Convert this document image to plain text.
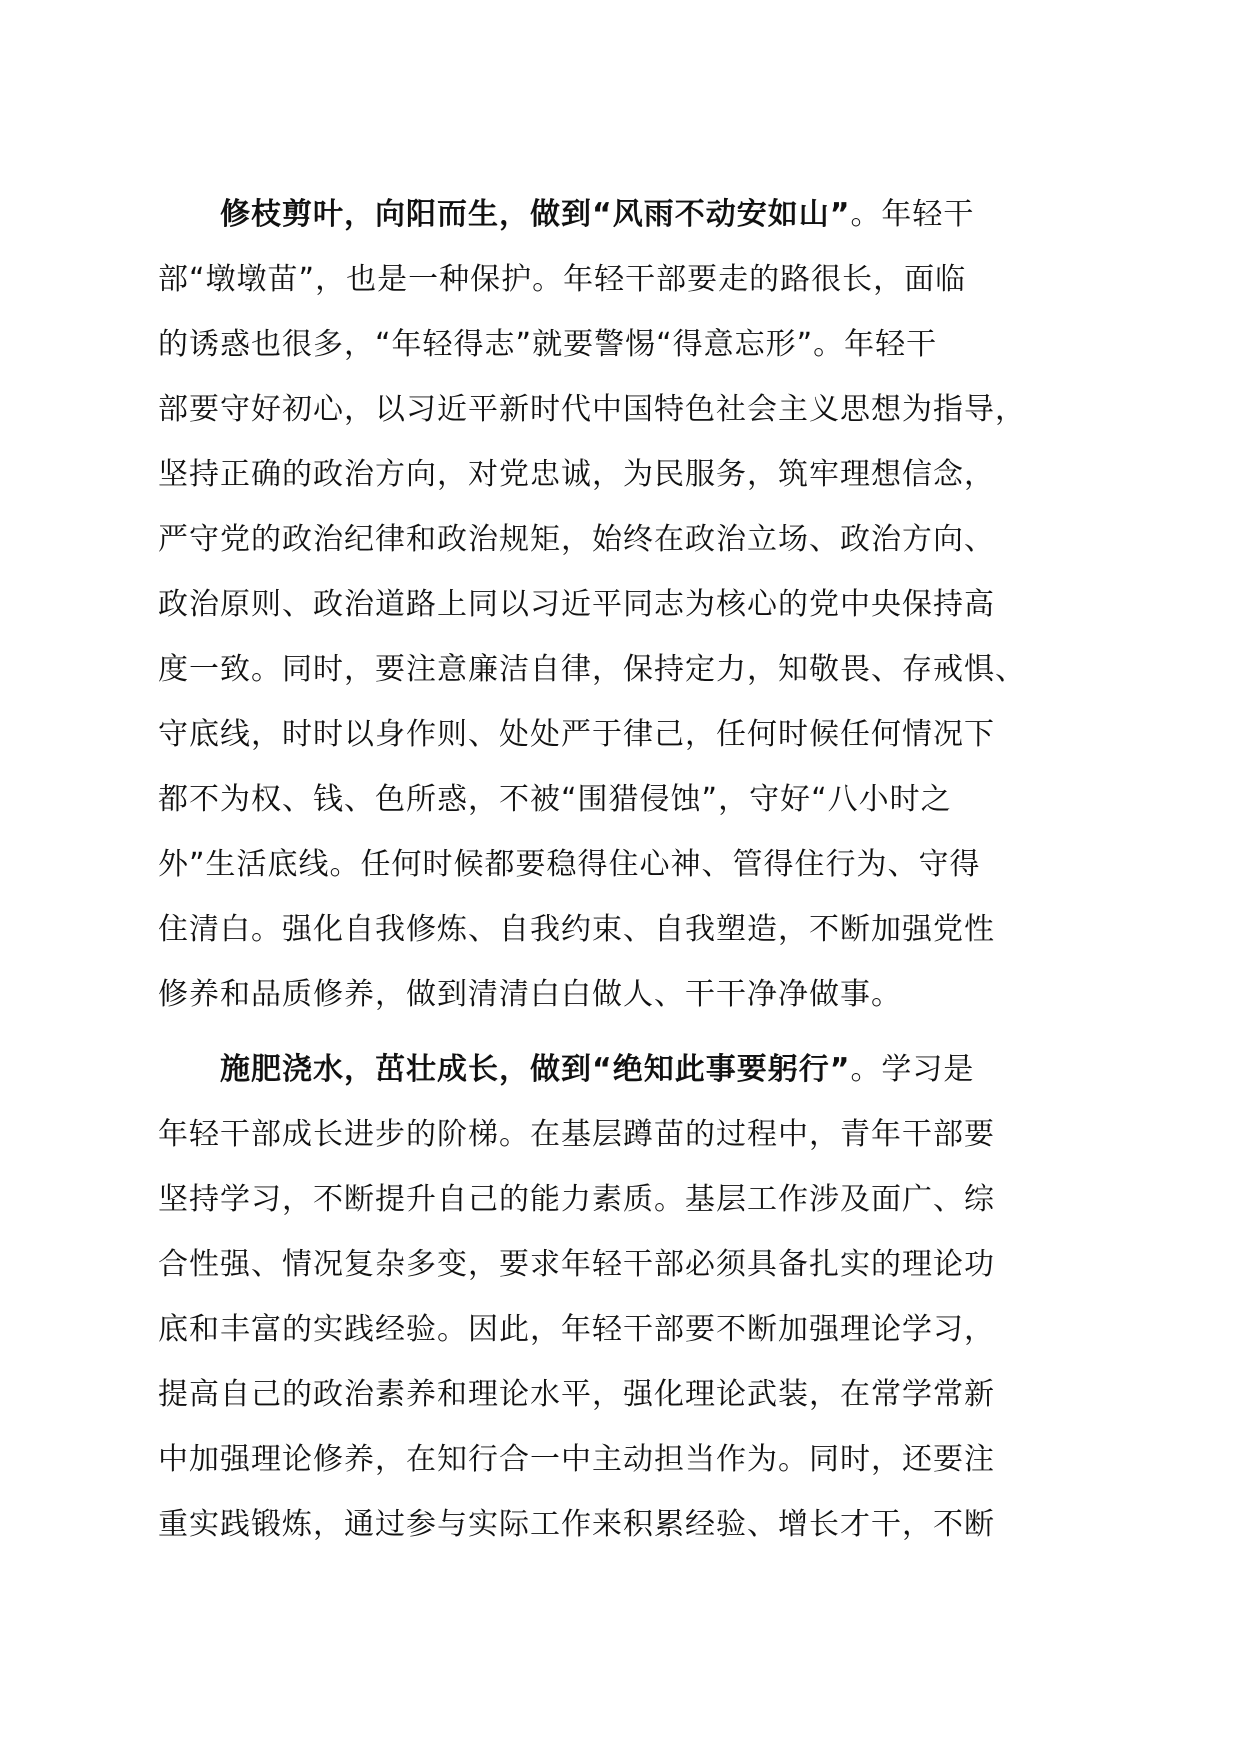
修枝剪叶，向阳而生，做到“风雨不动安如山”。年轻干
部“墩墩苗”，也是一种保护。年轻干部要走的路很长，面临
的诱惑也很多，“年轻得志”就要警惕“得意忘形”。年轻干
部要守好初心，以习近平新时代中国特色社会主义思想为指导，
坚持正确的政治方向，对党忠诚，为民服务，筑牢理想信念，
严守党的政治纪律和政治规矩，始终在政治立场、政治方向、
政治原则、政治道路上同以习近平同志为核心的党中央保持高
度一致。同时，要注意廉洁自律，保持定力，知敬畏、存戒惧、
守底线，时时以身作则、处处严于律己，任何时候任何情况下
都不为权、钱、色所惑，不被“围猎侵蚀”，守好“八小时之
外”生活底线。任何时候都要稳得住心神、管得住行为、守得
住清白。强化自我修炼、自我约束、自我塑造，不断加强党性
修养和品质修养，做到清清白白做人、干干净净做事。
施肥浇水，茁壮成长，做到“绝知此事要躬行”。学习是
年轻干部成长进步的阶梯。在基层蹲苗的过程中，青年干部要
坚持学习，不断提升自己的能力素质。基层工作涉及面广、综
合性强、情况复杂多变，要求年轻干部必须具备扎实的理论功
底和丰富的实践经验。因此，年轻干部要不断加强理论学习，
提高自己的政治素养和理论水平，强化理论武装，在常学常新
中加强理论修养，在知行合一中主动担当作为。同时，还要注
重实践锻炼，通过参与实际工作来积累经验、增长才干，不断
